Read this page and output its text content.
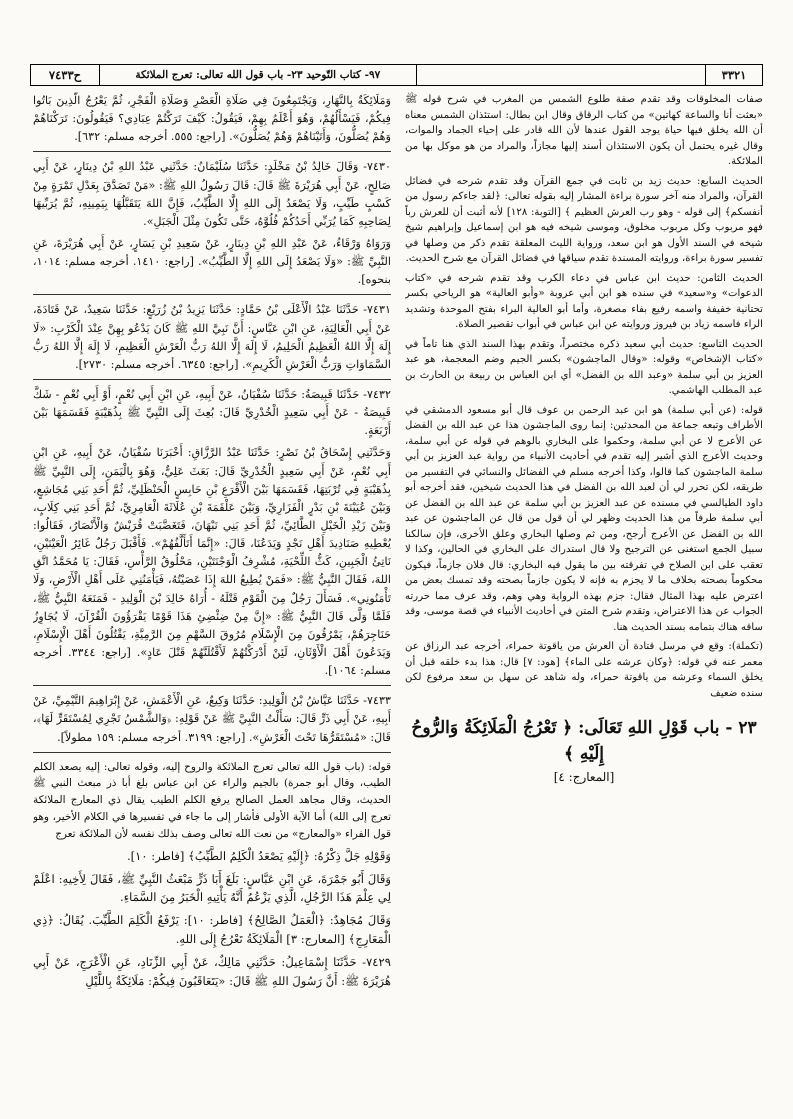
٣٣٢١
٩٧- كتاب التّوحيد ٢٣- باب قول الله تعالى: تعرج الملائكة
ح٧٤٣٣

صفات المخلوقات وقد تقدم صفة طلوع الشمس من المغرب في شرح قوله ﷺ «بعثت أنا والساعة كهاتين» من كتاب الرقاق وقال ابن بطال: استئذان الشمس معناه أن الله يخلق فيها حياة يوجد القول عندها لأن الله قادر على إحياء الجماد والموات، وقال غيره يحتمل أن يكون الاستئذان أسند إليها مجازاً، والمراد من هو موكل بها من الملائكة.

الحديث السابع: حديث زيد بن ثابت في جمع القرآن وقد تقدم شرحه في فضائل القرآن، والمراد منه آخر سورة براءة المشار إليه بقوله تعالى: ﴿لقد جاءكم رسول من أنفسكم﴾ إلى قوله - وهو رب العرش العظيم ﴾ [التوبة: ١٢٨] لأنه أثبت أن للعرش رباً فهو مربوب وكل مربوب مخلوق، وموسى شيخه فيه هو ابن إسماعيل وإبراهيم شيخ شيخه في السند الأول هو ابن سعد، ورواية الليث المعلقة تقدم ذكر من وصلها في تفسير سورة براءة، وروايته المسندة تقدم سياقها في فضائل القرآن مع شرح الحديث.

الحديث الثامن: حديث ابن عباس في دعاء الكرب وقد تقدم شرحه في «كتاب الدعوات» و«سعيد» في سنده هو ابن أبي عروبة «وأبو العالية» هو الرياحي بكسر تحتانية خفيفة واسمه رفيع بفاء مصغرة، وأما أبو العالية البراء بفتح الموحدة وتشديد الراء فاسمه زياد بن فيروز وروايته عن ابن عباس في أبواب تقصير الصلاة.

الحديث التاسع: حديث أبي سعيد ذكره مختصراً، وتقدم بهذا السند الذي هنا تاماً في «كتاب الإشخاص» وقوله: «وقال الماجشون» بكسر الجيم وضم المعجمة، هو عبد العزيز بن أبي سلمة «وعبد الله بن الفضل» أي ابن العباس بن ربيعة بن الحارث بن عبد المطلب الهاشمي.

قوله: (عن أبي سلمة) هو ابن عبد الرحمن بن عوف قال أبو مسعود الدمشقي في الأطراف وتبعه جماعة من المحدثين: إنما روى الماجشون هذا عن عبد الله بن الفضل عن الأعرج لا عن أبي سلمة، وحكموا على البخاري بالوهم في قوله عن أبي سلمة، وحديث الأعرج الذي أشير إليه تقدم في أحاديث الأنبياء من رواية عبد العزيز بن أبي سلمة الماجشون كما قالوا، وكذا أخرجه مسلم في الفضائل والنسائي في التفسير من طريقه، لكن تحرر لي أن لعبد الله بن الفضل في هذا الحديث شيخين، فقد أخرجه أبو داود الطيالسي في مسنده عن عبد العزيز بن أبي سلمة عن عبد الله بن الفضل عن أبي سلمة طرفاً من هذا الحديث وظهر لي أن قول من قال عن الماجشون عن عبد الله بن الفضل عن الأعرج أرجح، ومن ثم وصلها البخاري وعلق الأخرى، فإن سالكنا سبيل الجمع استغنى عن الترجيح ولا قال استدراك على البخاري في الحالين، وكذا لا تعقب على ابن الصلاح في تفرقته بين ما يقول فيه البخاري: قال فلان جازماً، فيكون محكوماً بصحته بخلاف ما لا يجزم به فإنه لا يكون جازماً بصحته وقد تمسك بعض من اعترض عليه بهذا المثال فقال: جزم بهذه الرواية وهي وهم، وقد عرف مما حررته الجواب عن هذا الاعتراض، وتقدم شرح المتن في أحاديث الأنبياء في قصة موسى، وقد ساقه هناك بتمامه بسند الحديث هنا.

(تكملة): وقع في مرسل قتادة أن العرش من ياقوتة حمراء، أخرجه عبد الرزاق عن معمر عنه في قوله: ﴿وكان عرشه على الماء﴾ [هود: ٧] قال: هذا بدء خلقه قبل أن يخلق السماء وعرشه من ياقوتة حمراء، وله شاهد عن سهل بن سعد مرفوع لكن سنده ضعيف

٢٣ - باب قَوْلِ اللهِ تَعَالَى: ﴿ تَعْرُجُ الْمَلَائِكَةُ وَالرُّوحُ إِلَيْهِ ﴾
[المعارج: ٤]

وَمَلَائِكَةٌ بِالنَّهَارِ، وَيَجْتَمِعُونَ فِي صَلَاةِ الْعَصْرِ وَصَلَاةِ الْفَجْرِ، ثُمَّ يَعْرُجُ الَّذِينَ بَاتُوا فِيكُمْ، فَيَسْأَلُهُمْ، وَهُوَ أَعْلَمُ بِهِمْ، فَيَقُولُ: كَيْفَ تَرَكْتُمْ عِبَادِي؟ فَيَقُولُونَ: تَرَكْنَاهُمْ وَهُمْ يُصَلُّونَ، وَأَتَيْنَاهُمْ وَهُمْ يُصَلُّونَ». [راجع: ٥٥٥. أخرجه مسلم: ٦٣٢].

٧٤٣٠- وَقَالَ خَالِدُ بْنُ مَخْلَدٍ: حَدَّثَنَا سُلَيْمَانُ: حَدَّثَنِي عَبْدُ اللهِ بْنُ دِينَارٍ، عَنْ أَبِي صَالِحٍ، عَنْ أَبِي هُرَيْرَةَ ﷺ قَالَ: قَالَ رَسُولُ اللهِ ﷺ: «مَنْ تَصَدَّقَ بِعَدْلِ تَمْرَةٍ مِنْ كَسْبٍ طَيِّبٍ، وَلَا يَصْعَدُ إِلَى اللهِ إِلَّا الطَّيِّبُ، فَإِنَّ اللهَ يَتَقَبَّلُهَا بِيَمِينِهِ، ثُمَّ يُرَبِّيهَا لِصَاحِبِهِ كَمَا يُرَبِّي أَحَدُكُمْ فُلُوَّهُ، حَتَّى تَكُونَ مِثْلَ الْجَبَلِ».

وَرَوَاهُ وَرْقَاءُ، عَنْ عَبْدِ اللهِ بْنِ دِينَارٍ، عَنْ سَعِيدِ بْنِ يَسَارٍ، عَنْ أَبِي هُرَيْرَةَ، عَنِ النَّبِيِّ ﷺ: «وَلَا يَصْعَدُ إِلَى اللهِ إِلَّا الطَّيِّبُ». [راجع: ١٤١٠. أخرجه مسلم: ١٠١٤، بنحوه].

٧٤٣١- حَدَّثَنَا عَبْدُ الْأَعْلَى بْنُ حَمَّادٍ: حَدَّثَنَا يَزِيدُ بْنُ زُرَيْعٍ: حَدَّثَنَا سَعِيدٌ، عَنْ قَتَادَةَ، عَنْ أَبِي الْعَالِيَةِ، عَنِ ابْنِ عَبَّاسٍ: أَنَّ نَبِيَّ اللهِ ﷺ كَانَ يَدْعُو بِهِنَّ عِنْدَ الْكَرْبِ: «لَا إِلَهَ إِلَّا اللهُ الْعَظِيمُ الْحَلِيمُ، لَا إِلَهَ إِلَّا اللهُ رَبُّ الْعَرْشِ الْعَظِيمِ، لَا إِلَهَ إِلَّا اللهُ رَبُّ السَّمَاوَاتِ وَرَبُّ الْعَرْشِ الْكَرِيمِ». [راجع: ٦٣٤٥. أخرجه مسلم: ٢٧٣٠].

٧٤٣٢- حَدَّثَنَا قَبِيصَةُ: حَدَّثَنَا سُفْيَانُ، عَنْ أَبِيهِ، عَنِ ابْنِ أَبِي نُعْمٍ، أَوْ أَبِي نُعْمٍ - شَكَّ قَبِيصَةُ - عَنْ أَبِي سَعِيدٍ الْخُدْرِيِّ قَالَ: بُعِثَ إِلَى النَّبِيِّ ﷺ بِذُهَيْبَةٍ فَقَسَمَهَا بَيْنَ أَرْبَعَةٍ.

وَحَدَّثَنِي إِسْحَاقُ بْنُ نَصْرٍ: حَدَّثَنَا عَبْدُ الرَّزَّاقِ: أَخْبَرَنَا سُفْيَانُ، عَنْ أَبِيهِ، عَنِ ابْنِ أَبِي نُعْمٍ، عَنْ أَبِي سَعِيدٍ الْخُدْرِيِّ قَالَ: بَعَثَ عَلِيٌّ، وَهُوَ بِالْيَمَنِ، إِلَى النَّبِيِّ ﷺ بِذُهَيْبَةٍ فِي تُرْبَتِهَا، فَقَسَمَهَا بَيْنَ الْأَقْرَعِ بْنِ حَابِسٍ الْحَنْظَلِيِّ، ثُمَّ أَحَدِ بَنِي مُجَاشِعٍ، وَبَيْنَ عُيَيْنَةَ بْنِ بَدْرٍ الْفَزَارِيِّ، وَبَيْنَ عَلْقَمَةَ بْنِ عُلَاثَةَ الْعَامِرِيِّ، ثُمَّ أَحَدِ بَنِي كِلَابٍ، وَبَيْنَ زَيْدِ الْخَيْلِ الطَّائِيِّ، ثُمَّ أَحَدِ بَنِي نَبْهَانَ، فَتَغَضَّبَتْ قُرَيْشٌ وَالْأَنْصَارُ، فَقَالُوا: يُعْطِيهِ صَنَادِيدَ أَهْلِ نَجْدٍ وَيَدَعُنَا، قَالَ: «إِنَّمَا أَتَأَلَّفُهُمْ». فَأَقْبَلَ رَجُلٌ غَائِرُ الْعَيْنَيْنِ، نَاتِئُ الْجَبِينِ، كَثُّ اللِّحْيَةِ، مُشْرِفُ الْوَجْنَتَيْنِ، مَحْلُوقُ الرَّأْسِ، فَقَالَ: يَا مُحَمَّدُ اتَّقِ اللهَ، فَقَالَ النَّبِيُّ ﷺ: «فَمَنْ يُطِيعُ اللهَ إِذَا عَصَيْتُهُ، فَيَأْمَنُنِي عَلَى أَهْلِ الْأَرْضِ، وَلَا تَأْمَنُونِي». فَسَأَلَ رَجُلٌ مِنَ الْقَوْمِ قَتْلَهُ - أُرَاهُ خَالِدَ بْنَ الْوَلِيدِ - فَمَنَعَهُ النَّبِيُّ ﷺ، فَلَمَّا وَلَّى قَالَ النَّبِيُّ ﷺ: «إِنَّ مِنْ ضِئْضِئِ هَذَا قَوْمًا يَقْرَؤُونَ الْقُرْآنَ، لَا يُجَاوِزُ حَنَاجِرَهُمْ، يَمْرُقُونَ مِنَ الْإِسْلَامِ مُرُوقَ السَّهْمِ مِنَ الرَّمِيَّةِ، يَقْتُلُونَ أَهْلَ الْإِسْلَامِ، وَيَدَعُونَ أَهْلَ الْأَوْثَانِ، لَئِنْ أَدْرَكْتُهُمْ لَأَقْتُلَنَّهُمْ قَتْلَ عَادٍ». [راجع: ٣٣٤٤. أخرجه مسلم: ١٠٦٤].

٧٤٣٣- حَدَّثَنَا عَيَّاشُ بْنُ الْوَلِيدِ: حَدَّثَنَا وَكِيعٌ، عَنِ الْأَعْمَشِ، عَنْ إِبْرَاهِيمَ التَّيْمِيِّ، عَنْ أَبِيهِ، عَنْ أَبِي ذَرٍّ قَالَ: سَأَلْتُ النَّبِيَّ ﷺ عَنْ قَوْلِهِ: ﴿وَالشَّمْسُ تَجْرِي لِمُسْتَقَرٍّ لَهَا﴾، قَالَ: «مُسْتَقَرُّهَا تَحْتَ الْعَرْشِ». [راجع: ٣١٩٩. أخرجه مسلم: ١٥٩ مطولاً].

قوله: (باب قول الله تعالى تعرج الملائكة والروح إليه، وقوله تعالى: إليه يصعد الكلم الطيب، وقال أبو جمرة) بالجيم والراء عن ابن عباس بلغ أبا ذر مبعث النبي ﷺ الحديث، وقال مجاهد العمل الصالح يرفع الكلم الطيب يقال ذي المعارج الملائكة تعرج إلى الله) أما الآية الأولى فأشار إلى ما جاء في تفسيرها في الكلام الأخير، وهو قول الفراء «والمعارج» من نعت الله تعالى وصف بذلك نفسه لأن الملائكة تعرج

وَقَوْلِهِ جَلَّ ذِكْرُهُ: ﴿إِلَيْهِ يَصْعَدُ الْكَلِمُ الطَّيِّبُ﴾ [فاطر: ١٠].

وَقَالَ أَبُو جَمْرَةَ، عَنِ ابْنِ عَبَّاسٍ: بَلَغَ أَبَا ذَرٍّ مَبْعَثُ النَّبِيِّ ﷺ، فَقَالَ لِأَخِيهِ: اعْلَمْ لِي عِلْمَ هَذَا الرَّجُلِ، الَّذِي يَزْعُمُ أَنَّهُ يَأْتِيهِ الْخَبَرُ مِنَ السَّمَاءِ.

وَقَالَ مُجَاهِدٌ: ﴿الْعَمَلُ الصَّالِحُ﴾ [فاطر: ١٠]: يَرْفَعُ الْكَلِمَ الطَّيِّبَ. يُقَالُ: ﴿ذِي الْمَعَارِجِ﴾ [المعارج: ٣] الْمَلَائِكَةُ تَعْرُجُ إِلَى اللهِ.

٧٤٢٩- حَدَّثَنَا إِسْمَاعِيلُ: حَدَّثَنِي مَالِكٌ، عَنْ أَبِي الزِّنَادِ، عَنِ الْأَعْرَجِ، عَنْ أَبِي هُرَيْرَةَ ﷺ: أَنَّ رَسُولَ اللهِ ﷺ قَالَ: «يَتَعَاقَبُونَ فِيكُمْ: مَلَائِكَةٌ بِاللَّيْلِ
